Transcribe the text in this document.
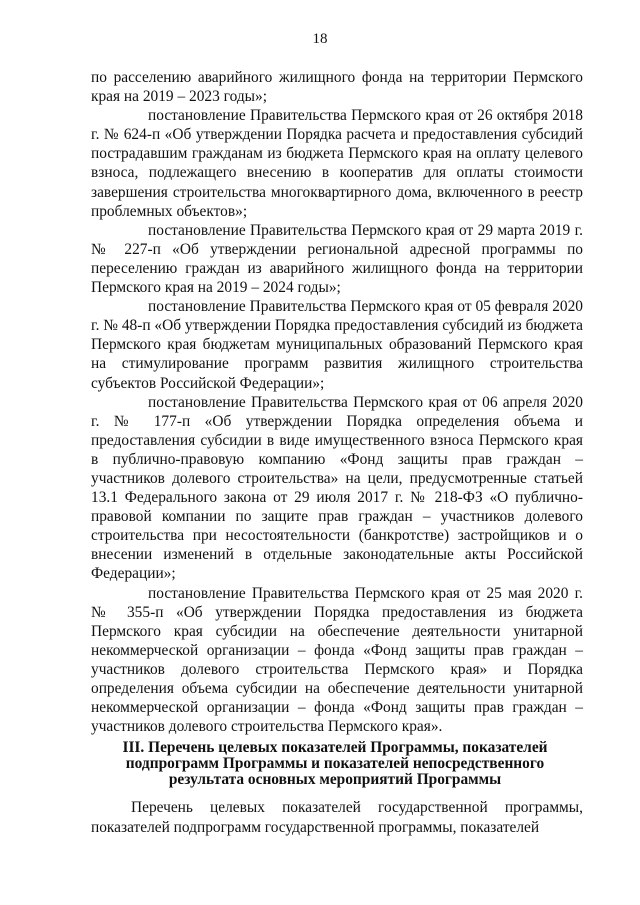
18

по расселению аварийного жилищного фонда на территории Пермского края на 2019 – 2023 годы»;

постановление Правительства Пермского края от 26 октября 2018 г. № 624-п «Об утверждении Порядка расчета и предоставления субсидий пострадавшим гражданам из бюджета Пермского края на оплату целевого взноса, подлежащего внесению в кооператив для оплаты стоимости завершения строительства многоквартирного дома, включенного в реестр проблемных объектов»;

постановление Правительства Пермского края от 29 марта 2019 г. № 227-п «Об утверждении региональной адресной программы по переселению граждан из аварийного жилищного фонда на территории Пермского края на 2019 – 2024 годы»;

постановление Правительства Пермского края от 05 февраля 2020 г. № 48-п «Об утверждении Порядка предоставления субсидий из бюджета Пермского края бюджетам муниципальных образований Пермского края на стимулирование программ развития жилищного строительства субъектов Российской Федерации»;

постановление Правительства Пермского края от 06 апреля 2020 г. № 177-п «Об утверждении Порядка определения объема и предоставления субсидии в виде имущественного взноса Пермского края в публично-правовую компанию «Фонд защиты прав граждан – участников долевого строительства» на цели, предусмотренные статьей 13.1 Федерального закона от 29 июля 2017 г. № 218-ФЗ «О публично-правовой компании по защите прав граждан – участников долевого строительства при несостоятельности (банкротстве) застройщиков и о внесении изменений в отдельные законодательные акты Российской Федерации»;

постановление Правительства Пермского края от 25 мая 2020 г. № 355-п «Об утверждении Порядка предоставления из бюджета Пермского края субсидии на обеспечение деятельности унитарной некоммерческой организации – фонда «Фонд защиты прав граждан – участников долевого строительства Пермского края» и Порядка определения объема субсидии на обеспечение деятельности унитарной некоммерческой организации – фонда «Фонд защиты прав граждан – участников долевого строительства Пермского края».

III. Перечень целевых показателей Программы, показателей подпрограмм Программы и показателей непосредственного результата основных мероприятий Программы

Перечень целевых показателей государственной программы, показателей подпрограмм государственной программы, показателей
